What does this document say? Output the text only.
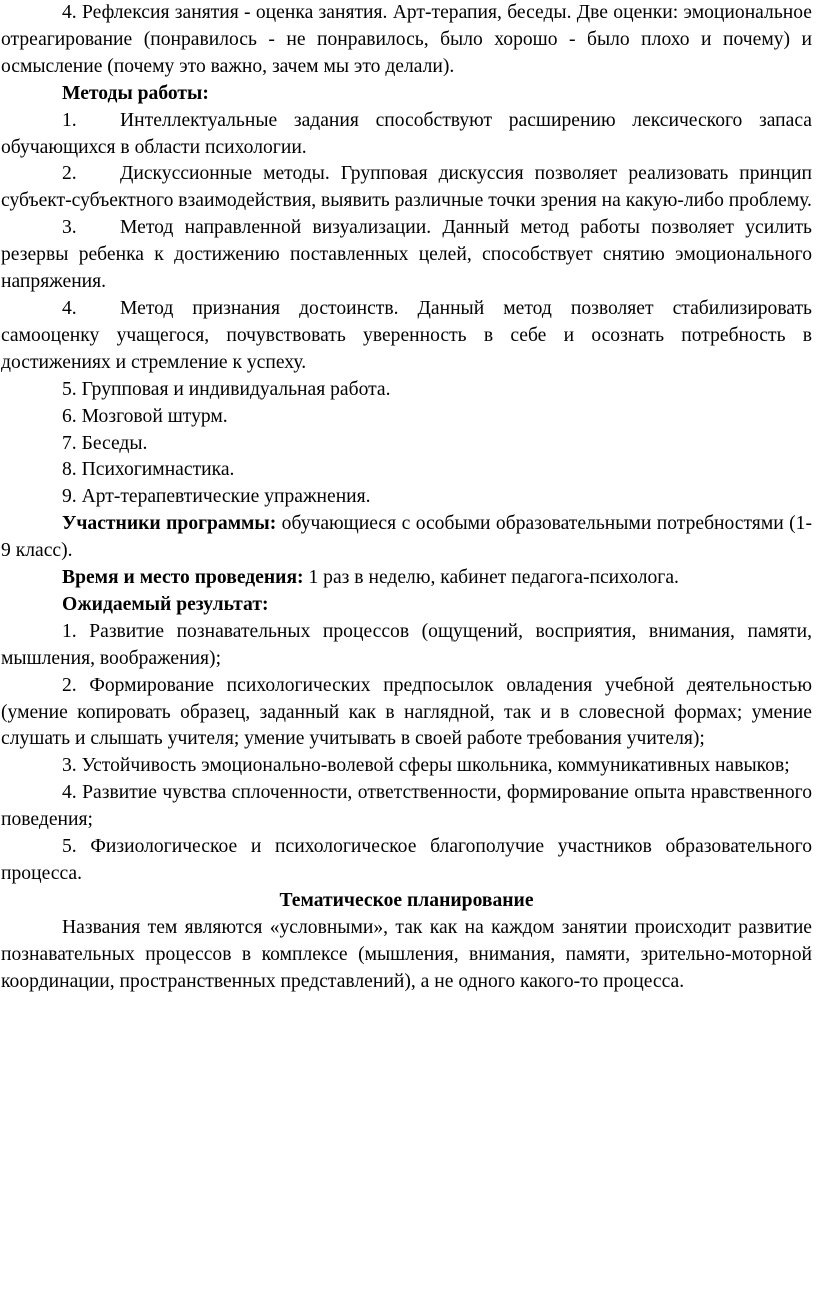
4. Рефлексия занятия - оценка занятия. Арт-терапия, беседы. Две оценки: эмоциональное отреагирование (понравилось - не понравилось, было хорошо - было плохо и почему) и осмысление (почему это важно, зачем мы это делали).

Методы работы:

1. Интеллектуальные задания способствуют расширению лексического запаса обучающихся в области психологии.

2. Дискуссионные методы. Групповая дискуссия позволяет реализовать принцип субъект-субъектного взаимодействия, выявить различные точки зрения на какую-либо проблему.

3. Метод направленной визуализации. Данный метод работы позволяет усилить резервы ребенка к достижению поставленных целей, способствует снятию эмоционального напряжения.

4. Метод признания достоинств. Данный метод позволяет стабилизировать самооценку учащегося, почувствовать уверенность в себе и осознать потребность в достижениях и стремление к успеху.

5. Групповая и индивидуальная работа.

6. Мозговой штурм.

7. Беседы.

8. Психогимнастика.

9. Арт-терапевтические упражнения.

Участники программы: обучающиеся с особыми образовательными потребностями (1-9 класс).

Время и место проведения: 1 раз в неделю, кабинет педагога-психолога.

Ожидаемый результат:

1. Развитие познавательных процессов (ощущений, восприятия, внимания, памяти, мышления, воображения);

2. Формирование психологических предпосылок овладения учебной деятельностью (умение копировать образец, заданный как в наглядной, так и в словесной формах; умение слушать и слышать учителя; умение учитывать в своей работе требования учителя);

3. Устойчивость эмоционально-волевой сферы школьника, коммуникативных навыков;

4. Развитие чувства сплоченности, ответственности, формирование опыта нравственного поведения;

5. Физиологическое и психологическое благополучие участников образовательного процесса.

Тематическое планирование

Названия тем являются «условными», так как на каждом занятии происходит развитие познавательных процессов в комплексе (мышления, внимания, памяти, зрительно-моторной координации, пространственных представлений), а не одного какого-то процесса.
